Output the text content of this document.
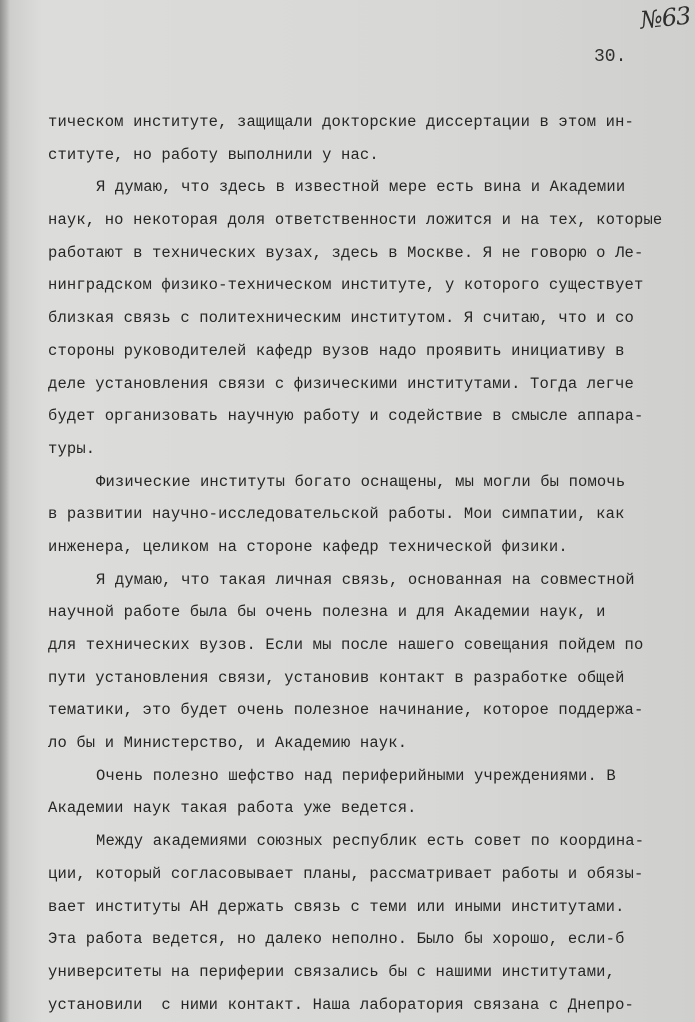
№63
30.
тическом институте, защищали докторские диссертации в этом ин-
ституте, но работу выполнили у нас.
Я думаю, что здесь в известной мере есть вина и Академии
наук, но некоторая доля ответственности ложится и на тех, которые
работают в технических вузах, здесь в Москве. Я не говорю о Ле-
нинградском физико-техническом институте, у которого существует
близкая связь с политехническим институтом. Я считаю, что и со
стороны руководителей кафедр вузов надо проявить инициативу в
деле установления связи с физическими институтами. Тогда легче
будет организовать научную работу и содействие в смысле аппара-
туры.
Физические институты богато оснащены, мы могли бы помочь
в развитии научно-исследовательской работы. Мои симпатии, как
инженера, целиком на стороне кафедр технической физики.
Я думаю, что такая личная связь, основанная на совместной
научной работе была бы очень полезна и для Академии наук, и
для технических вузов. Если мы после нашего совещания пойдем по
пути установления связи, установив контакт в разработке общей
тематики, это будет очень полезное начинание, которое поддержа-
ло бы и Министерство, и Академию наук.
Очень полезно шефство над периферийными учреждениями. В
Академии наук такая работа уже ведется.
Между академиями союзных республик есть совет по координа-
ции, который согласовывает планы, рассматривает работы и обязы-
вает институты АН держать связь с теми или иными институтами.
Эта работа ведется, но далеко неполно. Было бы хорошо, если-б
университеты на периферии связались бы с нашими институтами,
установили  с ними контакт. Наша лаборатория связана с Днепро-
